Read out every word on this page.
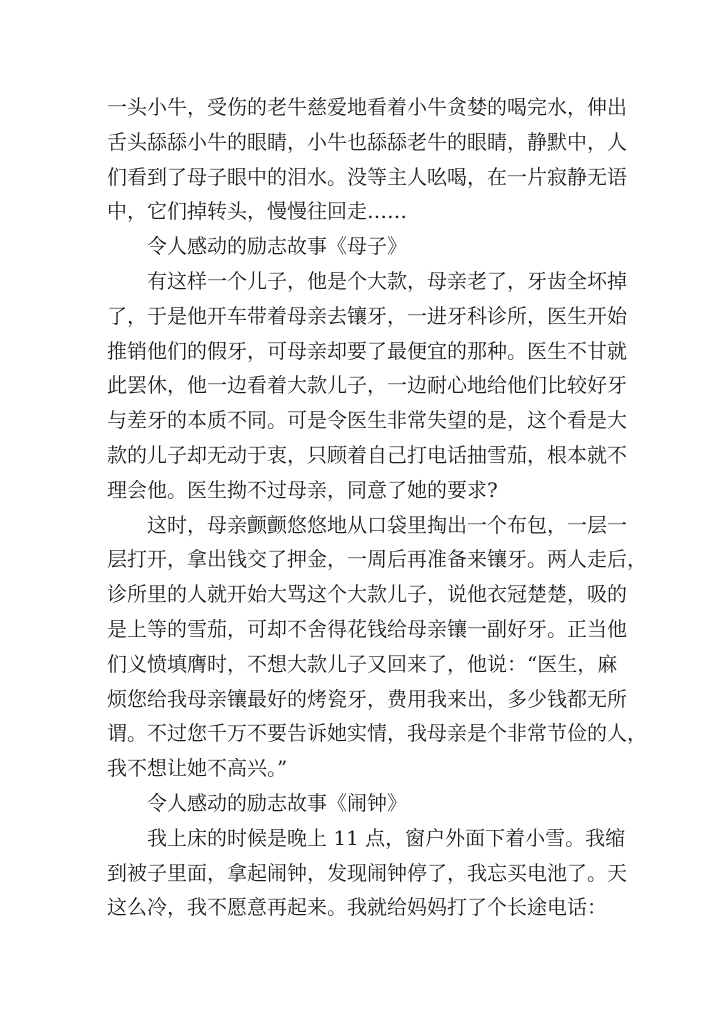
一头小牛，受伤的老牛慈爱地看着小牛贪婪的喝完水，伸出
舌头舔舔小牛的眼睛，小牛也舔舔老牛的眼睛，静默中，人
们看到了母子眼中的泪水。没等主人吆喝，在一片寂静无语
中，它们掉转头，慢慢往回走……
令人感动的励志故事《母子》
有这样一个儿子，他是个大款，母亲老了，牙齿全坏掉
了，于是他开车带着母亲去镶牙，一进牙科诊所，医生开始
推销他们的假牙，可母亲却要了最便宜的那种。医生不甘就
此罢休，他一边看着大款儿子，一边耐心地给他们比较好牙
与差牙的本质不同。可是令医生非常失望的是，这个看是大
款的儿子却无动于衷，只顾着自己打电话抽雪茄，根本就不
理会他。医生拗不过母亲，同意了她的要求?
这时，母亲颤颤悠悠地从口袋里掏出一个布包，一层一
层打开，拿出钱交了押金，一周后再准备来镶牙。两人走后，
诊所里的人就开始大骂这个大款儿子，说他衣冠楚楚，吸的
是上等的雪茄，可却不舍得花钱给母亲镶一副好牙。正当他
们义愤填膺时，不想大款儿子又回来了，他说：“医生，麻
烦您给我母亲镶最好的烤瓷牙，费用我来出，多少钱都无所
谓。不过您千万不要告诉她实情，我母亲是个非常节俭的人，
我不想让她不高兴。”
令人感动的励志故事《闹钟》
我上床的时候是晚上 11 点，窗户外面下着小雪。我缩
到被子里面，拿起闹钟，发现闹钟停了，我忘买电池了。天
这么冷，我不愿意再起来。我就给妈妈打了个长途电话：
